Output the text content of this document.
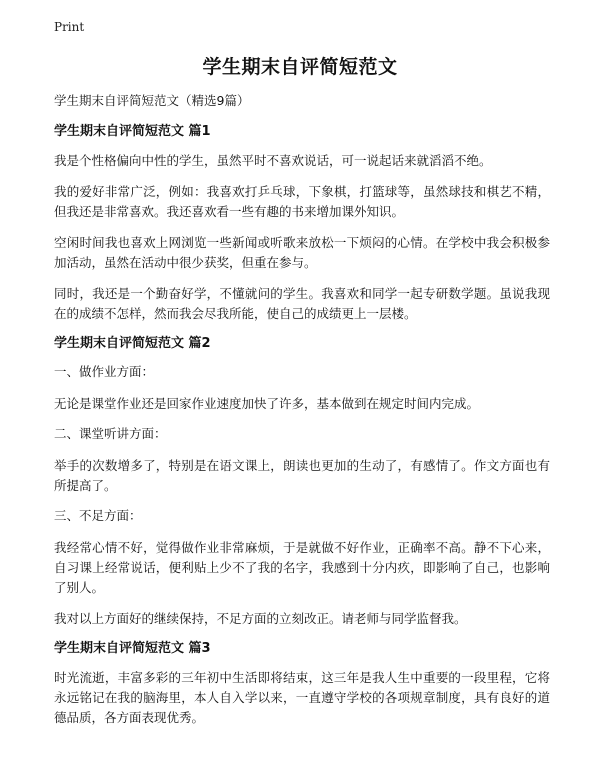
Print
学生期末自评简短范文

学生期末自评简短范文（精选9篇）

学生期末自评简短范文 篇1

我是个性格偏向中性的学生，虽然平时不喜欢说话，可一说起话来就滔滔不绝。

我的爱好非常广泛，例如：我喜欢打乒乓球，下象棋，打篮球等，虽然球技和棋艺不精，但我还是非常喜欢。我还喜欢看一些有趣的书来增加课外知识。

空闲时间我也喜欢上网浏览一些新闻或听歌来放松一下烦闷的心情。在学校中我会积极参加活动，虽然在活动中很少获奖，但重在参与。

同时，我还是一个勤奋好学，不懂就问的学生。我喜欢和同学一起专研数学题。虽说我现在的成绩不怎样，然而我会尽我所能，使自己的成绩更上一层楼。

学生期末自评简短范文 篇2

一、做作业方面：

无论是课堂作业还是回家作业速度加快了许多，基本做到在规定时间内完成。

二、课堂听讲方面：

举手的次数增多了，特别是在语文课上，朗读也更加的生动了，有感情了。作文方面也有所提高了。

三、不足方面：

我经常心情不好，觉得做作业非常麻烦，于是就做不好作业，正确率不高。静不下心来，自习课上经常说话，便利贴上少不了我的名字，我感到十分内疚，即影响了自己，也影响了别人。

我对以上方面好的继续保持，不足方面的立刻改正。请老师与同学监督我。

学生期末自评简短范文 篇3

时光流逝，丰富多彩的三年初中生活即将结束，这三年是我人生中重要的一段里程，它将永远铭记在我的脑海里，本人自入学以来，一直遵守学校的各项规章制度，具有良好的道德品质，各方面表现优秀。
